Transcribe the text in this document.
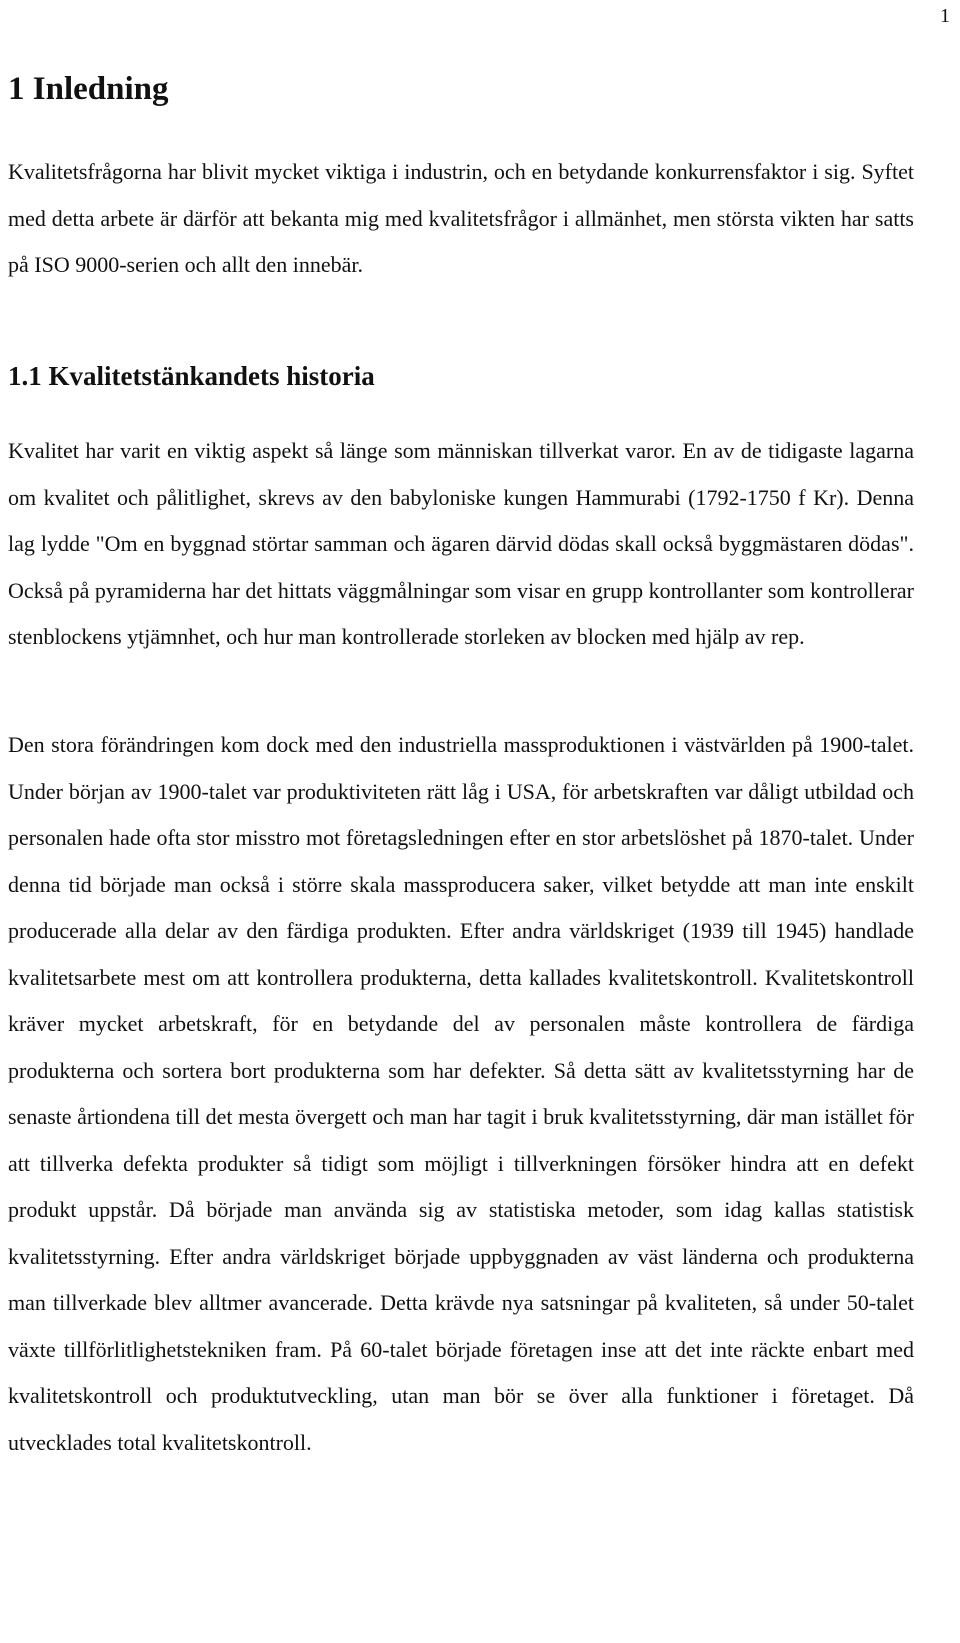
1
1 Inledning

Kvalitetsfrågorna har blivit mycket viktiga i industrin, och en betydande konkurrensfaktor i sig. Syftet med detta arbete är därför att bekanta mig med kvalitetsfrågor i allmänhet, men största vikten har satts på ISO 9000-serien och allt den innebär.

1.1 Kvalitetstänkandets historia

Kvalitet har varit en viktig aspekt så länge som människan tillverkat varor. En av de tidigaste lagarna om kvalitet och pålitlighet, skrevs av den babyloniske kungen Hammurabi (1792-1750 f Kr). Denna lag lydde "Om en byggnad störtar samman och ägaren därvid dödas skall också byggmästaren dödas". Också på pyramiderna har det hittats väggmålningar som visar en grupp kontrollanter som kontrollerar stenblockens ytjämnhet, och hur man kontrollerade storleken av blocken med hjälp av rep.

Den stora förändringen kom dock med den industriella massproduktionen i västvärlden på 1900-talet. Under början av 1900-talet var produktiviteten rätt låg i USA, för arbetskraften var dåligt utbildad och personalen hade ofta stor misstro mot företagsledningen efter en stor arbetslöshet på 1870-talet. Under denna tid började man också i större skala massproducera saker, vilket betydde att man inte enskilt producerade alla delar av den färdiga produkten. Efter andra världskriget (1939 till 1945) handlade kvalitetsarbete mest om att kontrollera produkterna, detta kallades kvalitetskontroll. Kvalitetskontroll kräver mycket arbetskraft, för en betydande del av personalen måste kontrollera de färdiga produkterna och sortera bort produkterna som har defekter. Så detta sätt av kvalitetsstyrning har de senaste årtiondena till det mesta övergett och man har tagit i bruk kvalitetsstyrning, där man istället för att tillverka defekta produkter så tidigt som möjligt i tillverkningen försöker hindra att en defekt produkt uppstår. Då började man använda sig av statistiska metoder, som idag kallas statistisk kvalitetsstyrning. Efter andra världskriget började uppbyggnaden av väst länderna och produkterna man tillverkade blev alltmer avancerade. Detta krävde nya satsningar på kvaliteten, så under 50-talet växte tillförlitlighetstekniken fram. På 60-talet började företagen inse att det inte räckte enbart med kvalitetskontroll och produktutveckling, utan man bör se över alla funktioner i företaget. Då utvecklades total kvalitetskontroll.
